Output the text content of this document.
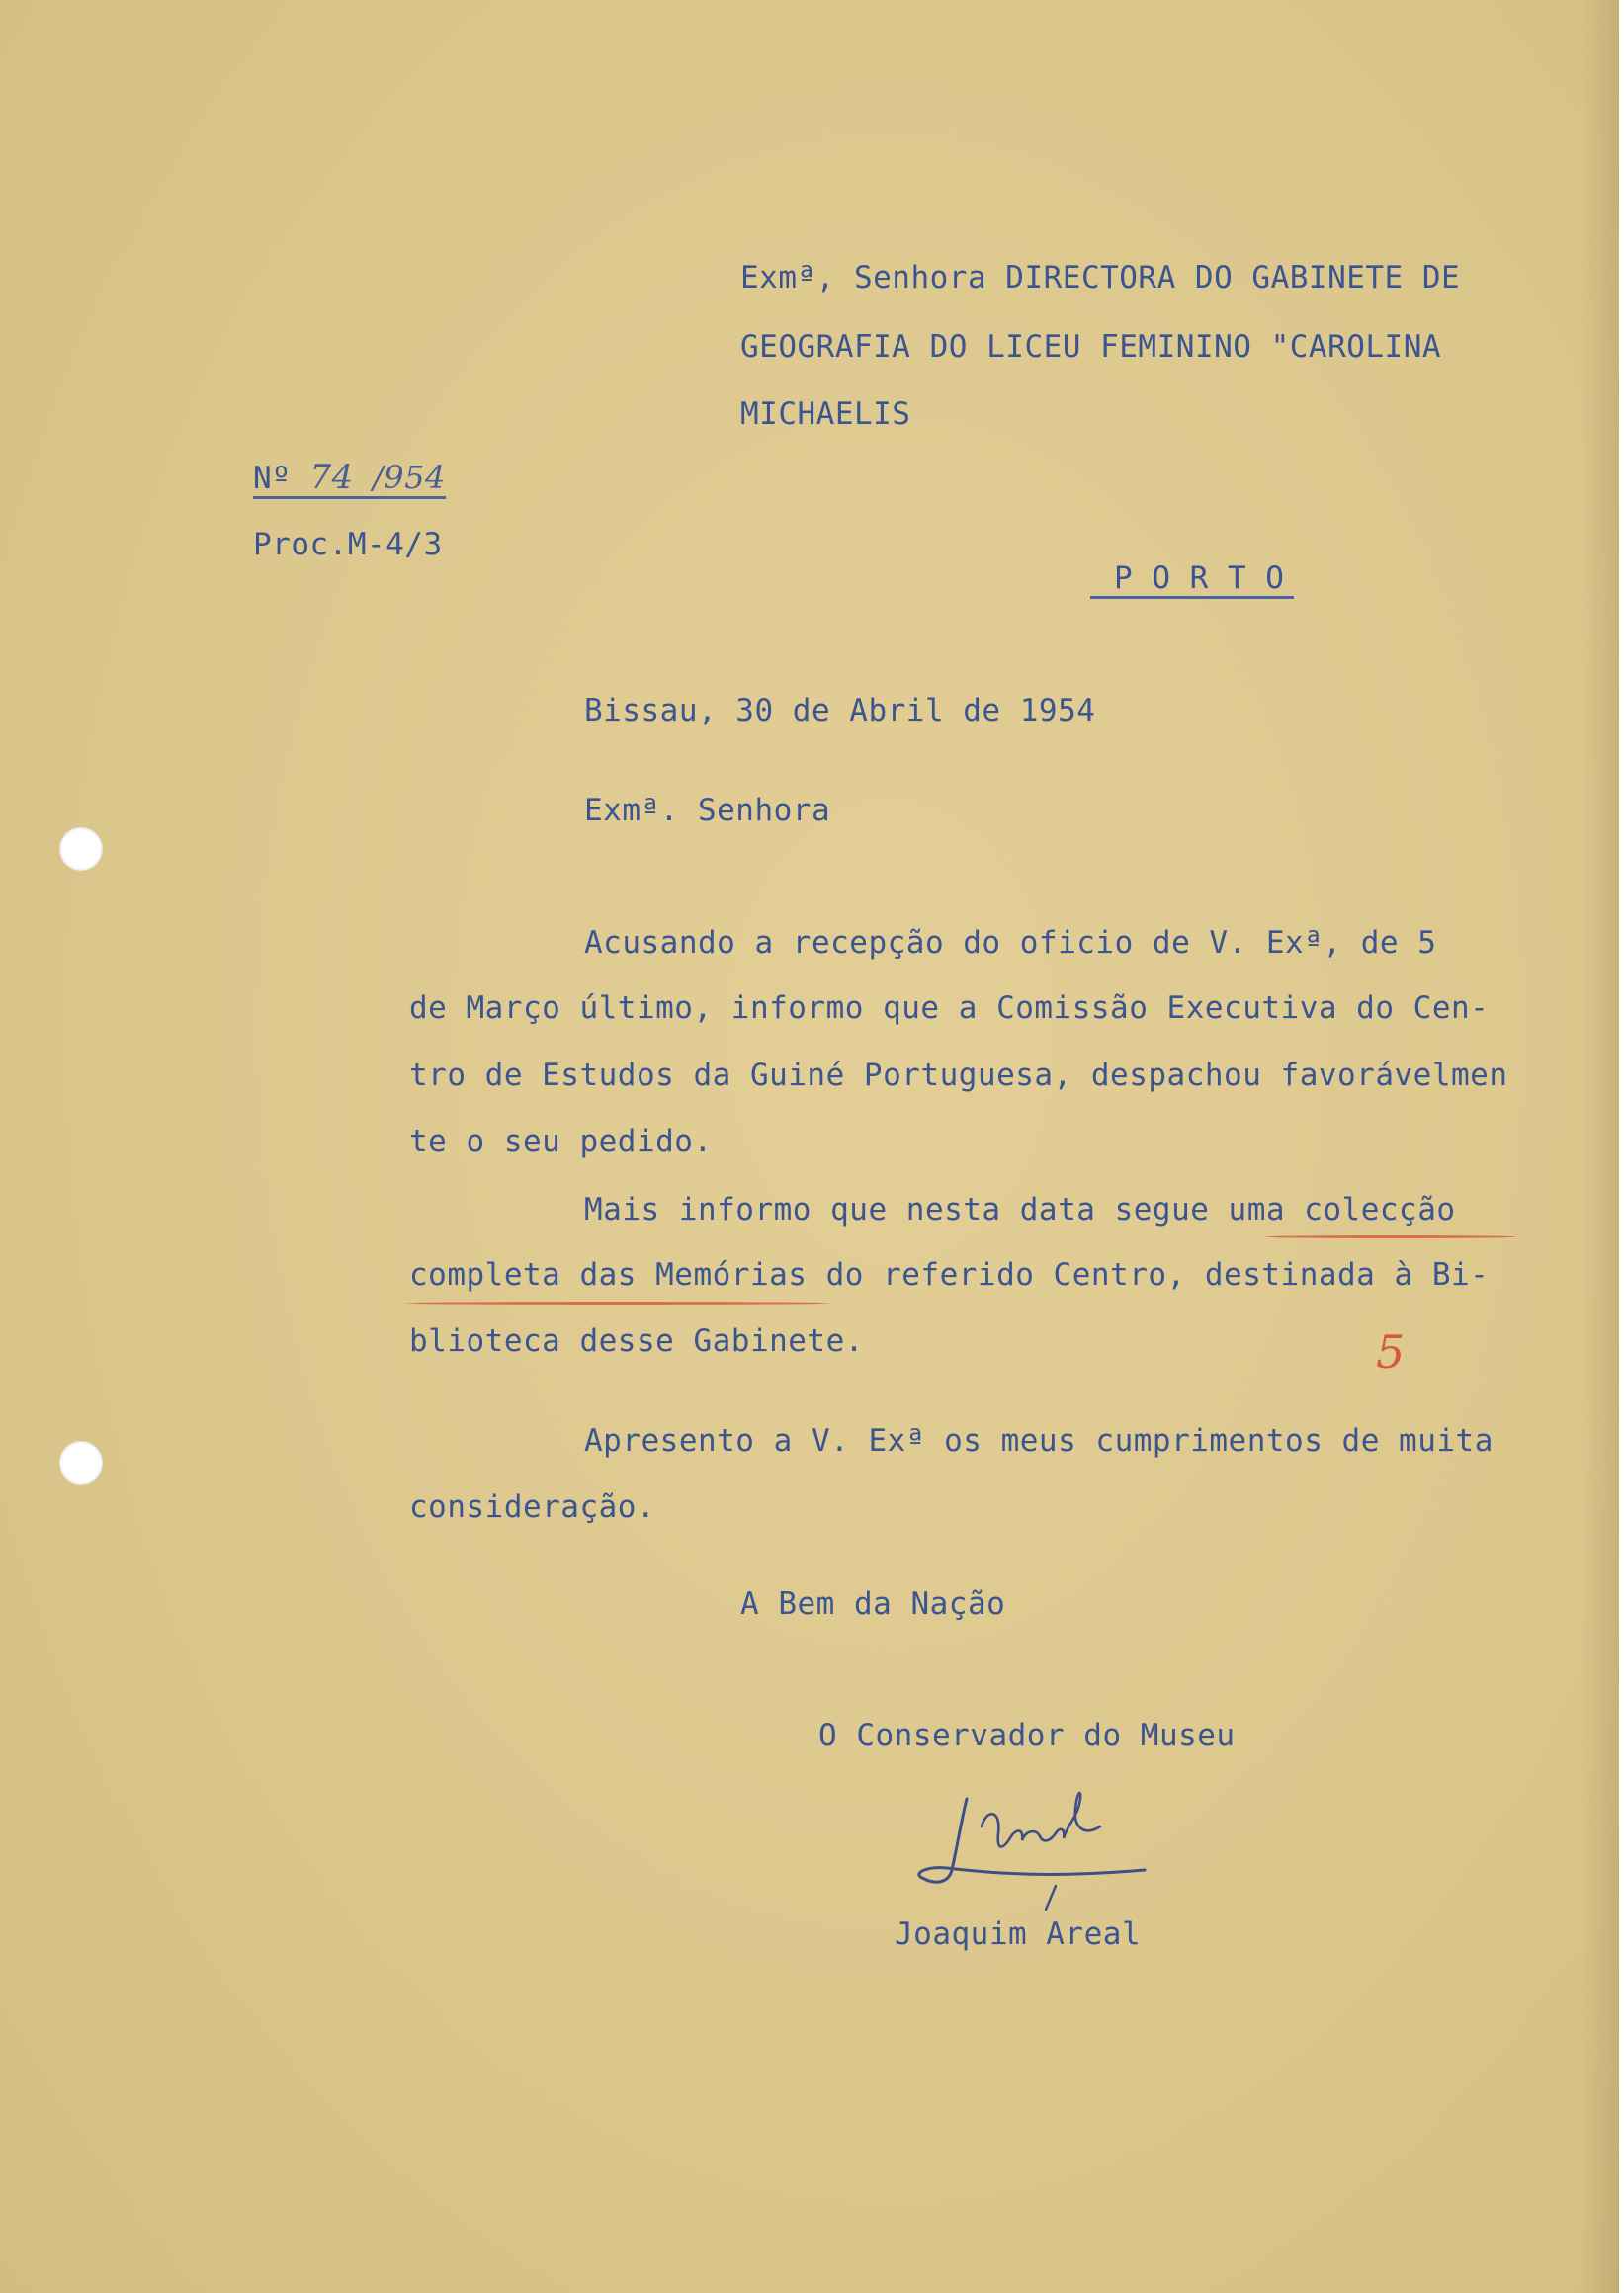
Exmª, Senhora DIRECTORA DO GABINETE DE
GEOGRAFIA DO LICEU FEMININO "CAROLINA
MICHAELIS
Nº 74 /954
Proc.M-4/3
P O R T O
Bissau, 30 de Abril de 1954
Exmª. Senhora
Acusando a recepção do oficio de V. Exª, de 5
de Março último, informo que a Comissão Executiva do Cen-
tro de Estudos da Guiné Portuguesa, despachou favorávelmen
te o seu pedido.
Mais informo que nesta data segue uma colecção
completa das Memórias do referido Centro, destinada à Bi-
blioteca desse Gabinete.	5
Apresento a V. Exª os meus cumprimentos de muita
consideração.
A Bem da Nação
O Conservador do Museu
Joaquim Areal
